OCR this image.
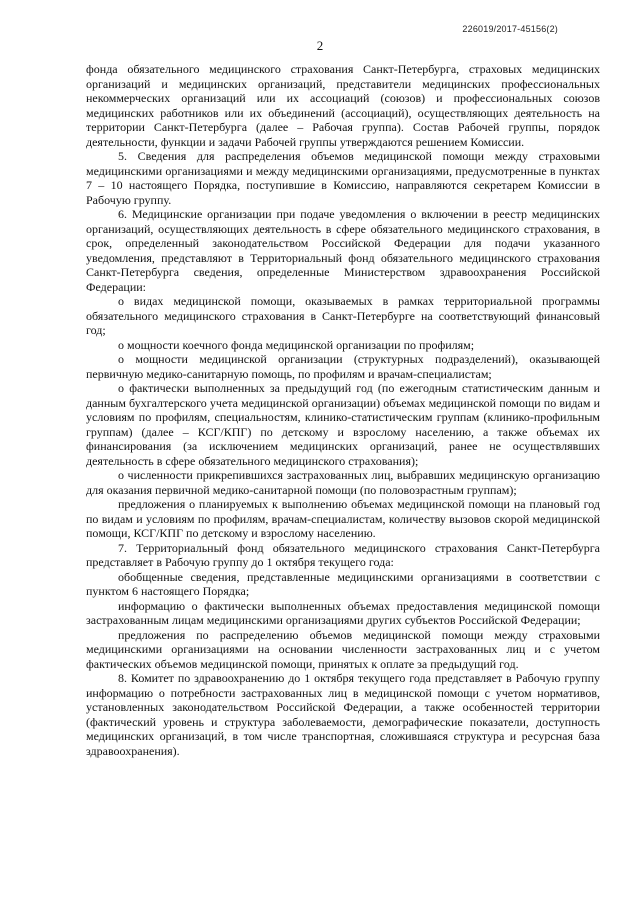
226019/2017-45156(2)
2

фонда обязательного медицинского страхования Санкт-Петербурга, страховых медицинских организаций и медицинских организаций, представители медицинских профессиональных некоммерческих организаций или их ассоциаций (союзов) и профессиональных союзов медицинских работников или их объединений (ассоциаций), осуществляющих деятельность на территории Санкт-Петербурга (далее – Рабочая группа). Состав Рабочей группы, порядок деятельности, функции и задачи Рабочей группы утверждаются решением Комиссии.

5. Сведения для распределения объемов медицинской помощи между страховыми медицинскими организациями и между медицинскими организациями, предусмотренные в пунктах 7 – 10 настоящего Порядка, поступившие в Комиссию, направляются секретарем Комиссии в Рабочую группу.

6. Медицинские организации при подаче уведомления о включении в реестр медицинских организаций, осуществляющих деятельность в сфере обязательного медицинского страхования, в срок, определенный законодательством Российской Федерации для подачи указанного уведомления, представляют в Территориальный фонд обязательного медицинского страхования Санкт-Петербурга сведения, определенные Министерством здравоохранения Российской Федерации:

о видах медицинской помощи, оказываемых в рамках территориальной программы обязательного медицинского страхования в Санкт-Петербурге на соответствующий финансовый год;

о мощности коечного фонда медицинской организации по профилям;

о мощности медицинской организации (структурных подразделений), оказывающей первичную медико-санитарную помощь, по профилям и врачам-специалистам;

о фактически выполненных за предыдущий год (по ежегодным статистическим данным и данным бухгалтерского учета медицинской организации) объемах медицинской помощи по видам и условиям по профилям, специальностям, клинико-статистическим группам (клинико-профильным группам) (далее – КСГ/КПГ) по детскому и взрослому населению, а также объемах их финансирования (за исключением медицинских организаций, ранее не осуществлявших деятельность в сфере обязательного медицинского страхования);

о численности прикрепившихся застрахованных лиц, выбравших медицинскую организацию для оказания первичной медико-санитарной помощи (по половозрастным группам);

предложения о планируемых к выполнению объемах медицинской помощи на плановый год по видам и условиям по профилям, врачам-специалистам, количеству вызовов скорой медицинской помощи, КСГ/КПГ по детскому и взрослому населению.

7. Территориальный фонд обязательного медицинского страхования Санкт-Петербурга представляет в Рабочую группу до 1 октября текущего года:

обобщенные сведения, представленные медицинскими организациями в соответствии с пунктом 6 настоящего Порядка;

информацию о фактически выполненных объемах предоставления медицинской помощи застрахованным лицам медицинскими организациями других субъектов Российской Федерации;

предложения по распределению объемов медицинской помощи между страховыми медицинскими организациями на основании численности застрахованных лиц и с учетом фактических объемов медицинской помощи, принятых к оплате за предыдущий год.

8. Комитет по здравоохранению до 1 октября текущего года представляет в Рабочую группу информацию о потребности застрахованных лиц в медицинской помощи с учетом нормативов, установленных законодательством Российской Федерации, а также особенностей территории (фактический уровень и структура заболеваемости, демографические показатели, доступность медицинских организаций, в том числе транспортная, сложившаяся структура и ресурсная база здравоохранения).
